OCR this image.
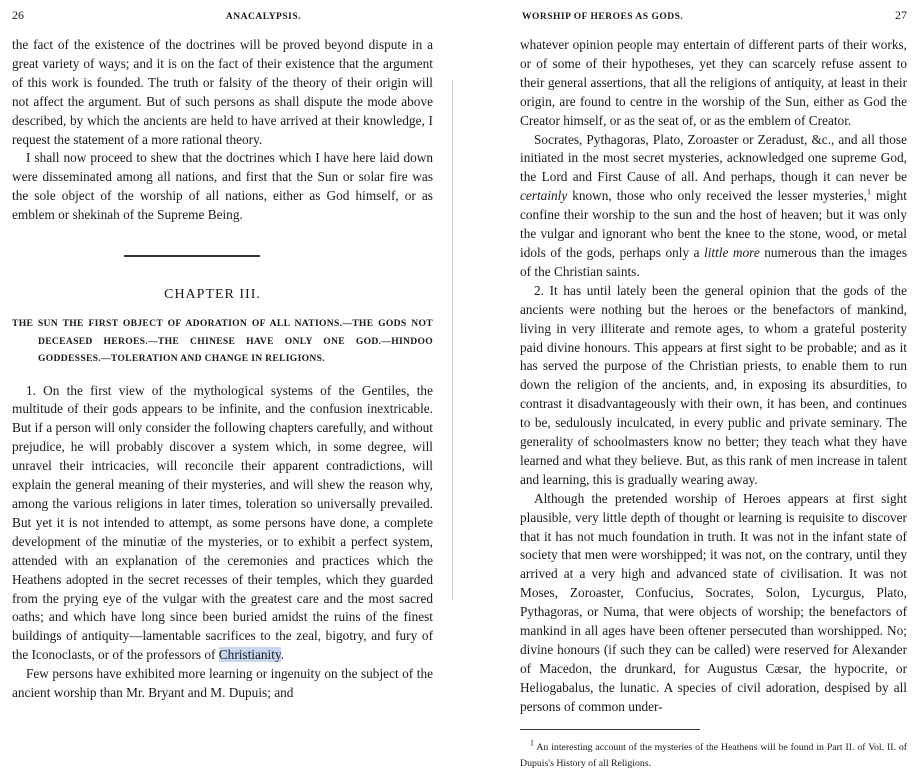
26	ANACALYPSIS.

the fact of the existence of the doctrines will be proved beyond dispute in a great variety of ways; and it is on the fact of their existence that the argument of this work is founded. The truth or falsity of the theory of their origin will not affect the argument. But of such persons as shall dispute the mode above described, by which the ancients are held to have arrived at their knowledge, I request the statement of a more rational theory.

I shall now proceed to shew that the doctrines which I have here laid down were disseminated among all nations, and first that the Sun or solar fire was the sole object of the worship of all nations, either as God himself, or as emblem or shekinah of the Supreme Being.

CHAPTER III.
THE SUN THE FIRST OBJECT OF ADORATION OF ALL NATIONS.—THE GODS NOT DECEASED HEROES.—THE CHINESE HAVE ONLY ONE GOD.—HINDOO GODDESSES.—TOLERATION AND CHANGE IN RELIGIONS.

1. On the first view of the mythological systems of the Gentiles, the multitude of their gods appears to be infinite, and the confusion inextricable. But if a person will only consider the following chapters carefully, and without prejudice, he will probably discover a system which, in some degree, will unravel their intricacies, will reconcile their apparent contradictions, will explain the general meaning of their mysteries, and will shew the reason why, among the various religions in later times, toleration so universally prevailed. But yet it is not intended to attempt, as some persons have done, a complete development of the minutiæ of the mysteries, or to exhibit a perfect system, attended with an explanation of the ceremonies and practices which the Heathens adopted in the secret recesses of their temples, which they guarded from the prying eye of the vulgar with the greatest care and the most sacred oaths; and which have long since been buried amidst the ruins of the finest buildings of antiquity—lamentable sacrifices to the zeal, bigotry, and fury of the Iconoclasts, or of the professors of Christianity.

Few persons have exhibited more learning or ingenuity on the subject of the ancient worship than Mr. Bryant and M. Dupuis; and

WORSHIP OF HEROES AS GODS.	27

whatever opinion people may entertain of different parts of their works, or of some of their hypotheses, yet they can scarcely refuse assent to their general assertions, that all the religions of antiquity, at least in their origin, are found to centre in the worship of the Sun, either as God the Creator himself, or as the seat of, or as the emblem of Creator.

Socrates, Pythagoras, Plato, Zoroaster or Zeradust, &c., and all those initiated in the most secret mysteries, acknowledged one supreme God, the Lord and First Cause of all. And perhaps, though it can never be certainly known, those who only received the lesser mysteries,$^1$ might confine their worship to the sun and the host of heaven; but it was only the vulgar and ignorant who bent the knee to the stone, wood, or metal idols of the gods, perhaps only a little more numerous than the images of the Christian saints.

2. It has until lately been the general opinion that the gods of the ancients were nothing but the heroes or the benefactors of mankind, living in very illiterate and remote ages, to whom a grateful posterity paid divine honours. This appears at first sight to be probable; and as it has served the purpose of the Christian priests, to enable them to run down the religion of the ancients, and, in exposing its absurdities, to contrast it disadvantageously with their own, it has been, and continues to be, sedulously inculcated, in every public and private seminary. The generality of schoolmasters know no better; they teach what they have learned and what they believe. But, as this rank of men increase in talent and learning, this is gradually wearing away.

Although the pretended worship of Heroes appears at first sight plausible, very little depth of thought or learning is requisite to discover that it has not much foundation in truth. It was not in the infant state of society that men were worshipped; it was not, on the contrary, until they arrived at a very high and advanced state of civilisation. It was not Moses, Zoroaster, Confucius, Socrates, Solon, Lycurgus, Plato, Pythagoras, or Numa, that were objects of worship; the benefactors of mankind in all ages have been oftener persecuted than worshipped. No; divine honours (if such they can be called) were reserved for Alexander of Macedon, the drunkard, for Augustus Cæsar, the hypocrite, or Heliogabalus, the lunatic. A species of civil adoration, despised by all persons of common under-

$^1$ An interesting account of the mysteries of the Heathens will be found in Part II. of Vol. II. of Dupuis's History of all Religions.
